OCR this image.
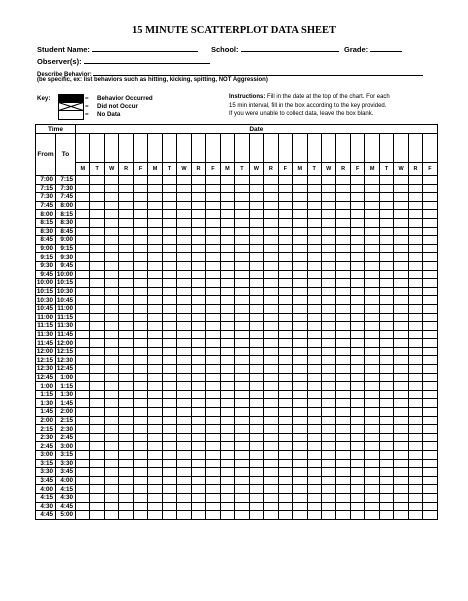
15 MINUTE SCATTERPLOT DATA SHEET
Student Name:	School:	Grade:
Observer(s):
Describe Behavior:
(be specific, ex: list behaviors such as hitting, kicking, spitting, NOT Aggression)
Key:	= Behavior Occurred
= Did not Occur
= No Data
Instructions: Fill in the date at the top of the chart. For each
15 min interval, fill in the box according to the key provided.
If you were unable to collect data, leave the box blank.
Time		Date																								
From	To	M	T	W	R	F	M	T	W	R	F	M	T	W	R	F	M	T	W	R	F	M	T	W	R	F

7:00	7:15																									
7:15	7:30																									
7:30	7:45																									
7:45	8:00																									
8:00	8:15																									
8:15	8:30																									
8:30	8:45																									
8:45	9:00																									
9:00	9:15																									
9:15	9:30																									
9:30	9:45																									
9:45	10:00																									
10:00	10:15																									
10:15	10:30																									
10:30	10:45																									
10:45	11:00																									
11:00	11:15																									
11:15	11:30																									
11:30	11:45																									
11:45	12:00																									
12:00	12:15																									
12:15	12:30																									
12:30	12:45																									
12:45	1:00																									
1:00	1:15																									
1:15	1:30																									
1:30	1:45																									
1:45	2:00																									
2:00	2:15																									
2:15	2:30																									
2:30	2:45																									
2:45	3:00																									
3:00	3:15																									
3:15	3:30																									
3:30	3:45																									
3:45	4:00																									
4:00	4:15																									
4:15	4:30																									
4:30	4:45																									
4:45	5:00																									
